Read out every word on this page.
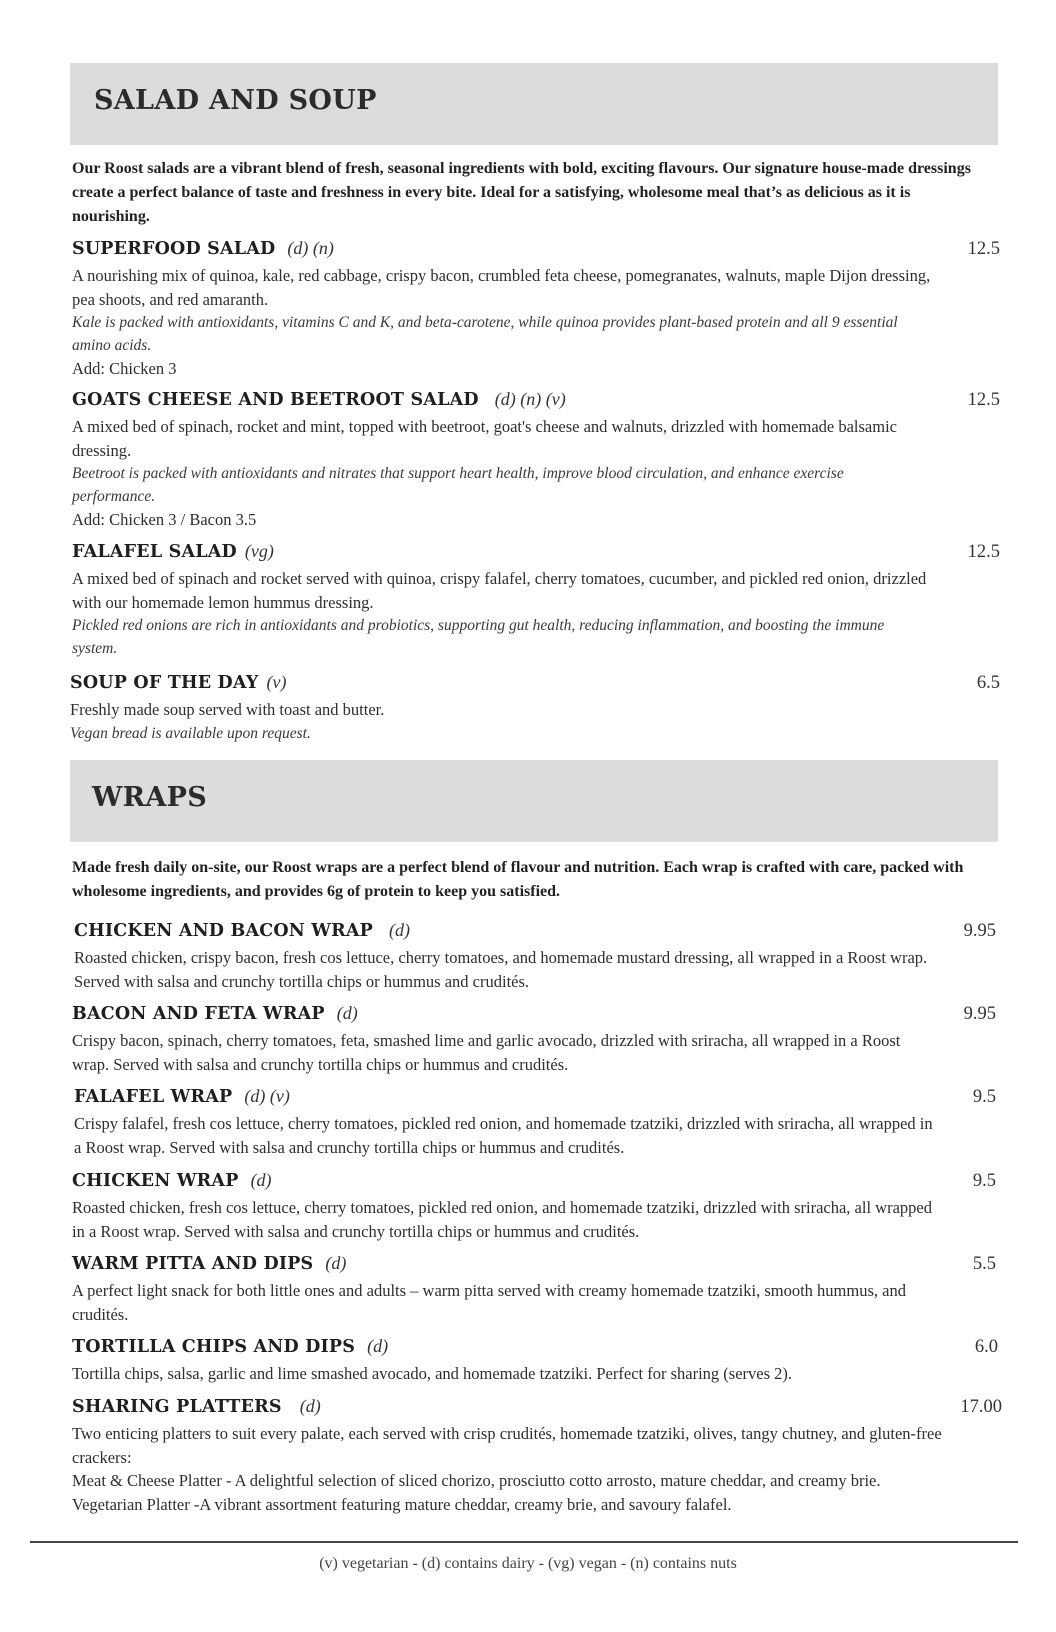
SALAD AND SOUP

Our Roost salads are a vibrant blend of fresh, seasonal ingredients with bold, exciting flavours. Our signature house-made dressings create a perfect balance of taste and freshness in every bite. Ideal for a satisfying, wholesome meal that’s as delicious as it is nourishing.

SUPERFOOD SALAD (d) (n)	12.5

A nourishing mix of quinoa, kale, red cabbage, crispy bacon, crumbled feta cheese, pomegranates, walnuts, maple Dijon dressing, pea shoots, and red amaranth.

Kale is packed with antioxidants, vitamins C and K, and beta-carotene, while quinoa provides plant-based protein and all 9 essential amino acids.

Add: Chicken 3

GOATS CHEESE AND BEETROOT SALAD (d) (n) (v)	12.5

A mixed bed of spinach, rocket and mint, topped with beetroot, goat's cheese and walnuts, drizzled with homemade balsamic dressing.

Beetroot is packed with antioxidants and nitrates that support heart health, improve blood circulation, and enhance exercise performance.

Add: Chicken 3 / Bacon 3.5

FALAFEL SALAD (vg)	12.5

A mixed bed of spinach and rocket served with quinoa, crispy falafel, cherry tomatoes, cucumber, and pickled red onion, drizzled with our homemade lemon hummus dressing.

Pickled red onions are rich in antioxidants and probiotics, supporting gut health, reducing inflammation, and boosting the immune system.

SOUP OF THE DAY (v)	6.5

Freshly made soup served with toast and butter.

Vegan bread is available upon request.

WRAPS

Made fresh daily on-site, our Roost wraps are a perfect blend of flavour and nutrition. Each wrap is crafted with care, packed with wholesome ingredients, and provides 6g of protein to keep you satisfied.

CHICKEN AND BACON WRAP (d)	9.95

Roasted chicken, crispy bacon, fresh cos lettuce, cherry tomatoes, and homemade mustard dressing, all wrapped in a Roost wrap. Served with salsa and crunchy tortilla chips or hummus and crudités.

BACON AND FETA WRAP (d)	9.95

Crispy bacon, spinach, cherry tomatoes, feta, smashed lime and garlic avocado, drizzled with sriracha, all wrapped in a Roost wrap. Served with salsa and crunchy tortilla chips or hummus and crudités.

FALAFEL WRAP (d) (v)	9.5

Crispy falafel, fresh cos lettuce, cherry tomatoes, pickled red onion, and homemade tzatziki, drizzled with sriracha, all wrapped in a Roost wrap. Served with salsa and crunchy tortilla chips or hummus and crudités.

CHICKEN WRAP (d)	9.5

Roasted chicken, fresh cos lettuce, cherry tomatoes, pickled red onion, and homemade tzatziki, drizzled with sriracha, all wrapped in a Roost wrap. Served with salsa and crunchy tortilla chips or hummus and crudités.

WARM PITTA AND DIPS (d)	5.5

A perfect light snack for both little ones and adults – warm pitta served with creamy homemade tzatziki, smooth hummus, and crudités.

TORTILLA CHIPS AND DIPS (d)	6.0

Tortilla chips, salsa, garlic and lime smashed avocado, and homemade tzatziki. Perfect for sharing (serves 2).

SHARING PLATTERS (d)	17.00

Two enticing platters to suit every palate, each served with crisp crudités, homemade tzatziki, olives, tangy chutney, and gluten-free crackers:

Meat & Cheese Platter - A delightful selection of sliced chorizo, prosciutto cotto arrosto, mature cheddar, and creamy brie.

Vegetarian Platter -A vibrant assortment featuring mature cheddar, creamy brie, and savoury falafel.

(v) vegetarian - (d) contains dairy - (vg) vegan - (n) contains nuts
